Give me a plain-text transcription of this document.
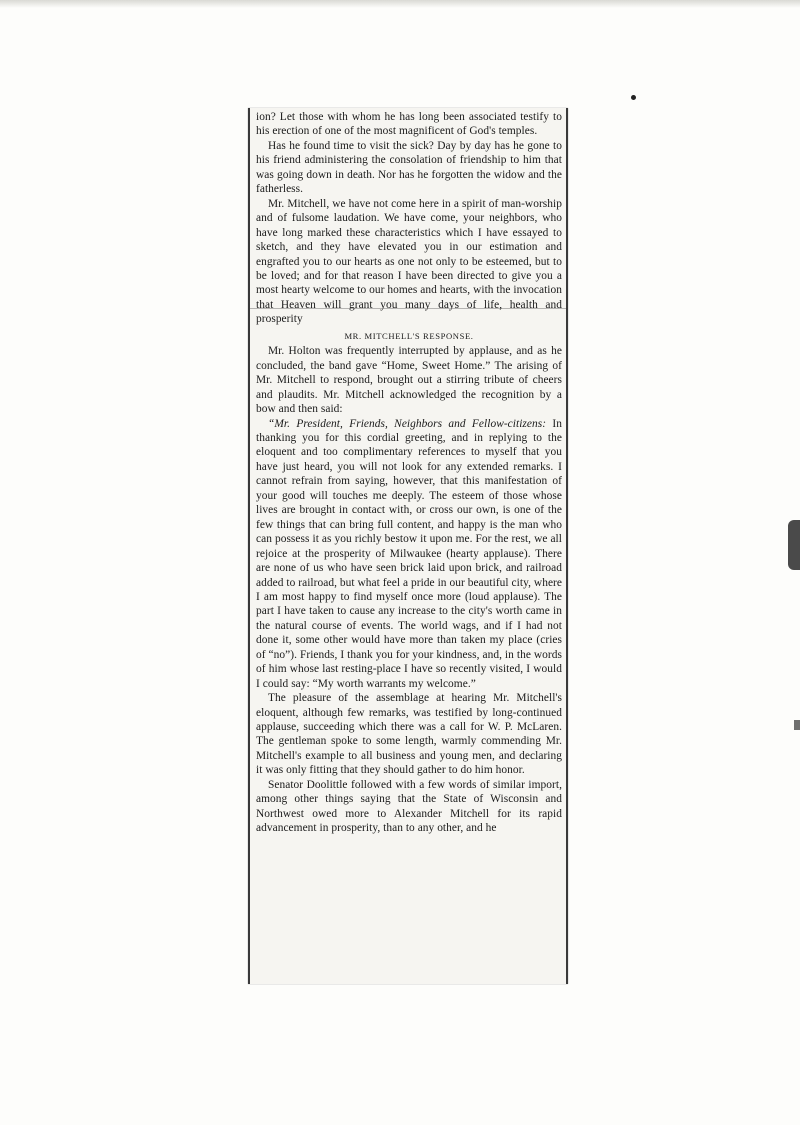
ion? Let those with whom he has long been associated testify to his erection of one of the most magnificent of God's temples.

Has he found time to visit the sick? Day by day has he gone to his friend administering the consolation of friendship to him that was going down in death. Nor has he forgotten the widow and the fatherless.

Mr. Mitchell, we have not come here in a spirit of man-worship and of fulsome laudation. We have come, your neighbors, who have long marked these characteristics which I have essayed to sketch, and they have elevated you in our estimation and engrafted you to our hearts as one not only to be esteemed, but to be loved; and for that reason I have been directed to give you a most hearty welcome to our homes and hearts, with the invocation that Heaven will grant you many days of life, health and prosperity

MR. MITCHELL'S RESPONSE.

Mr. Holton was frequently interrupted by applause, and as he concluded, the band gave “Home, Sweet Home.” The arising of Mr. Mitchell to respond, brought out a stirring tribute of cheers and plaudits. Mr. Mitchell acknowledged the recognition by a bow and then said:

“Mr. President, Friends, Neighbors and Fellow-citizens: In thanking you for this cordial greeting, and in replying to the eloquent and too complimentary references to myself that you have just heard, you will not look for any extended remarks. I cannot refrain from saying, however, that this manifestation of your good will touches me deeply. The esteem of those whose lives are brought in contact with, or cross our own, is one of the few things that can bring full content, and happy is the man who can possess it as you richly bestow it upon me. For the rest, we all rejoice at the prosperity of Milwaukee (hearty applause). There are none of us who have seen brick laid upon brick, and railroad added to railroad, but what feel a pride in our beautiful city, where I am most happy to find myself once more (loud applause). The part I have taken to cause any increase to the city's worth came in the natural course of events. The world wags, and if I had not done it, some other would have more than taken my place (cries of “no”). Friends, I thank you for your kindness, and, in the words of him whose last resting-place I have so recently visited, I would I could say: “My worth warrants my welcome.”

The pleasure of the assemblage at hearing Mr. Mitchell's eloquent, although few remarks, was testified by long-continued applause, succeeding which there was a call for W. P. McLaren. The gentleman spoke to some length, warmly commending Mr. Mitchell's example to all business and young men, and declaring it was only fitting that they should gather to do him honor.

Senator Doolittle followed with a few words of similar import, among other things saying that the State of Wisconsin and Northwest owed more to Alexander Mitchell for its rapid advancement in prosperity, than to any other, and he
